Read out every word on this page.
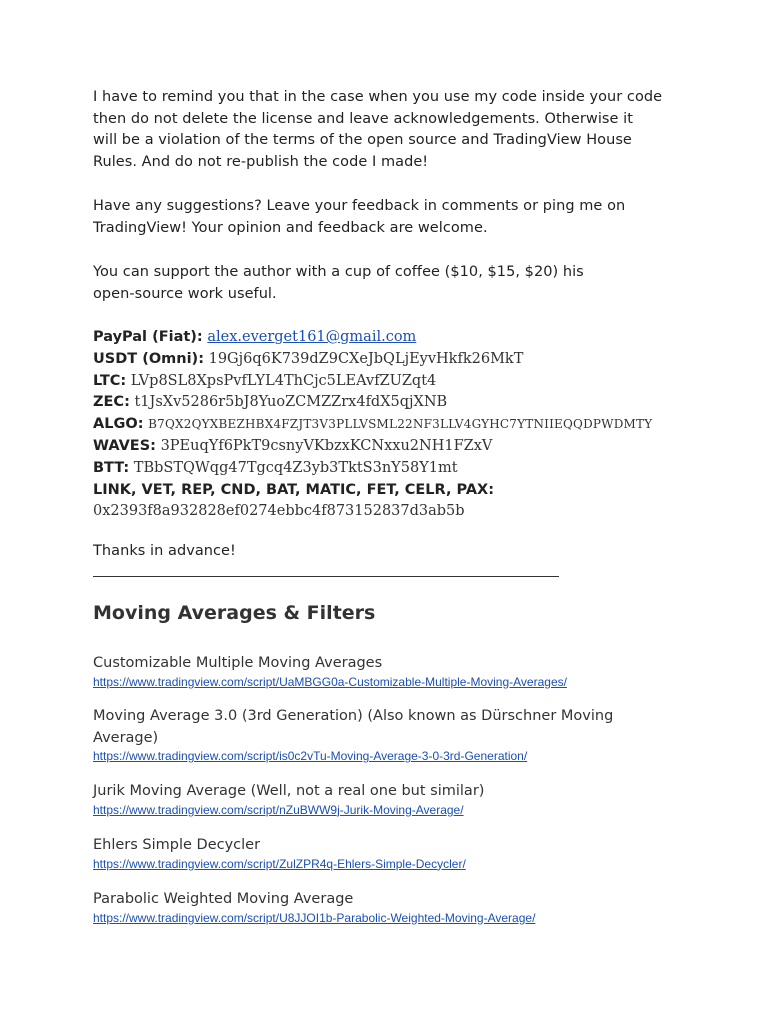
I have to remind you that in the case when you use my code inside your code
then do not delete the license and leave acknowledgements. Otherwise it
will be a violation of the terms of the open source and TradingView House
Rules. And do not re-publish the code I made!

Have any suggestions? Leave your feedback in comments or ping me on
TradingView! Your opinion and feedback are welcome.

You can support the author with a cup of coffee ($10, $15, $20) his
open-source work useful.

PayPal (Fiat): alex.everget161@gmail.com
USDT (Omni): 19Gj6q6K739dZ9CXeJbQLjEyvHkfk26MkT
LTC: LVp8SL8XpsPvfLYL4ThCjc5LEAvfZUZqt4
ZEC: t1JsXv5286r5bJ8YuoZCMZZrx4fdX5qjXNB
ALGO: B7QX2QYXBEZHBX4FZJT3V3PLLVSML22NF3LLV4GYHC7YTNIIEQQDPWDMTY
WAVES: 3PEuqYf6PkT9csnyVKbzxKCNxxu2NH1FZxV
BTT: TBbSTQWqg47Tgcq4Z3yb3TktS3nY58Y1mt
LINK, VET, REP, CND, BAT, MATIC, FET, CELR, PAX:
0x2393f8a932828ef0274ebbc4f873152837d3ab5b

Thanks in advance!

Moving Averages & Filters
Customizable Multiple Moving Averages
https://www.tradingview.com/script/UaMBGG0a-Customizable-Multiple-Moving-Averages/
Moving Average 3.0 (3rd Generation) (Also known as Dürschner Moving
Average)
https://www.tradingview.com/script/is0c2vTu-Moving-Average-3-0-3rd-Generation/
Jurik Moving Average (Well, not a real one but similar)
https://www.tradingview.com/script/nZuBWW9j-Jurik-Moving-Average/
Ehlers Simple Decycler
https://www.tradingview.com/script/ZulZPR4q-Ehlers-Simple-Decycler/
Parabolic Weighted Moving Average
https://www.tradingview.com/script/U8JJOI1b-Parabolic-Weighted-Moving-Average/
